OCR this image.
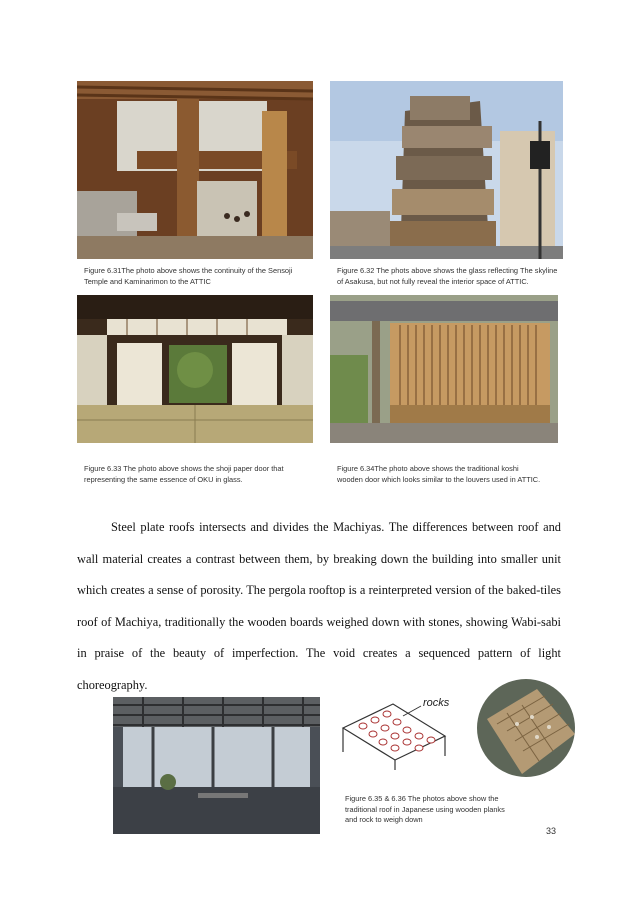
Figure 6.31The photo above shows the continuity of the Sensoji
Temple and Kaminarimon to the ATTIC
Figure 6.32 The phots above shows the glass reflecting The skyline
of Asakusa, but not fully reveal the interior space of ATTIC.
Figure 6.33 The photo above shows the shoji paper door that
representing the same essence of OKU in glass.
Figure 6.34The photo above shows the traditional koshi
wooden door which looks similar to the louvers used in ATTIC.

Steel plate roofs intersects and divides the Machiyas. The differences between roof and wall material creates a contrast between them, by breaking down the building into smaller unit which creates a sense of porosity. The pergola rooftop is a reinterpreted version of the baked-tiles roof of Machiya, traditionally the wooden boards weighed down with stones, showing Wabi-sabi in praise of the beauty of imperfection. The void creates a sequenced pattern of light choreography.

rocks
Figure 6.35 & 6.36 The photos above show the
traditional roof in Japanese using wooden planks
and rock to weigh down
33
